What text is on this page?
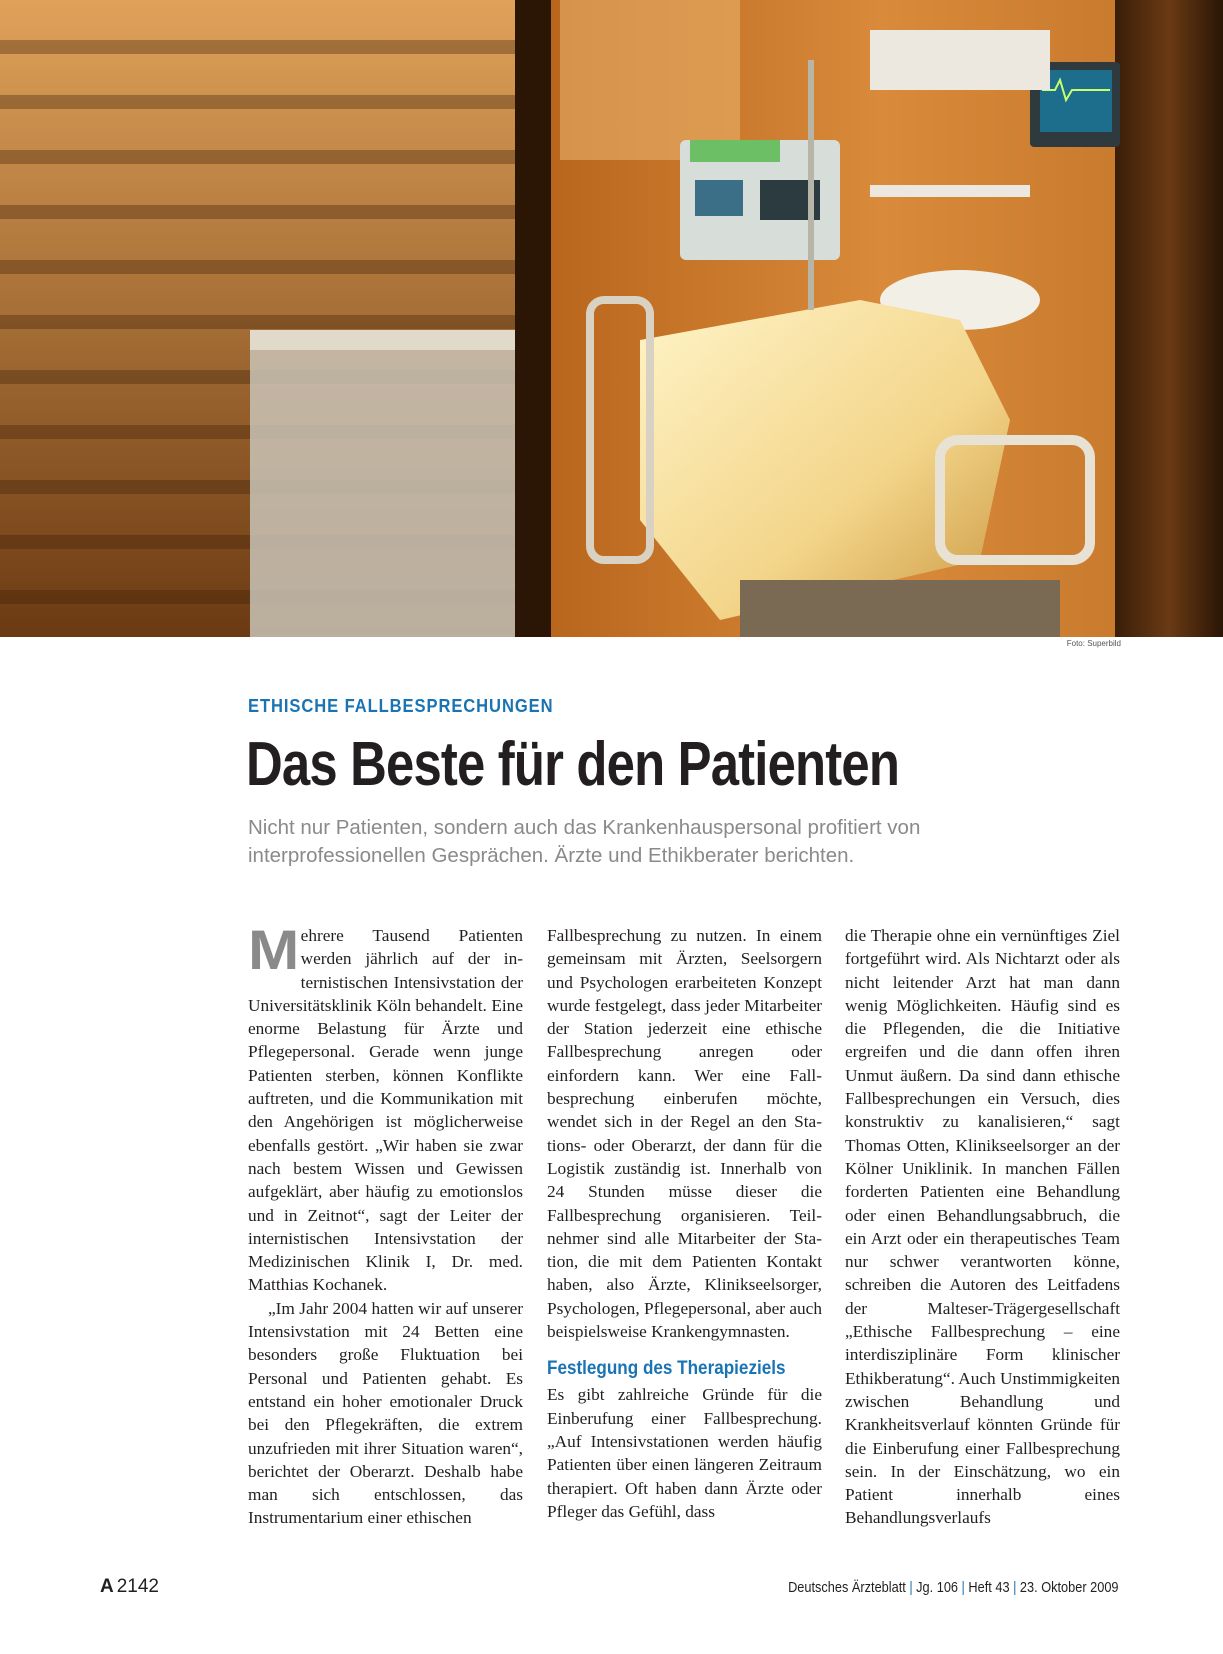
Foto: Superbild
ETHISCHE FALLBESPRECHUNGEN
Das Beste für den Patienten
Nicht nur Patienten, sondern auch das Krankenhauspersonal profitiert von interprofessionellen Gesprächen. Ärzte und Ethikberater berichten.

Mehrere Tausend Patienten werden jährlich auf der internistischen Intensivstation der Universitätsklinik Köln behandelt. Eine enorme Belastung für Ärzte und Pflegepersonal. Gerade wenn junge Patienten sterben, können Konflikte auftreten, und die Kommunikation mit den Angehörigen ist möglicherweise ebenfalls gestört. „Wir haben sie zwar nach bestem Wissen und Gewissen aufgeklärt, aber häufig zu emotionslos und in Zeitnot“, sagt der Leiter der internistischen Intensivstation der Medizinischen Klinik I, Dr. med. Matthias Kochanek.

„Im Jahr 2004 hatten wir auf unserer Intensivstation mit 24 Betten eine besonders große Fluktuation bei Personal und Patienten gehabt. Es entstand ein hoher emotionaler Druck bei den Pflegekräften, die extrem unzufrieden mit ihrer Situation waren“, berichtet der Oberarzt. Deshalb habe man sich entschlossen, das Instrumentarium einer ethischen

Fallbesprechung zu nutzen. In einem gemeinsam mit Ärzten, Seelsorgern und Psychologen erarbeiteten Konzept wurde festgelegt, dass jeder Mitarbeiter der Station jederzeit eine ethische Fallbesprechung anregen oder einfordern kann. Wer eine Fallbesprechung einberufen möchte, wendet sich in der Regel an den Stations- oder Oberarzt, der dann für die Logistik zuständig ist. Innerhalb von 24 Stunden müsse dieser die Fallbesprechung organisieren. Teilnehmer sind alle Mitarbeiter der Station, die mit dem Patienten Kontakt haben, also Ärzte, Klinikseelsorger, Psychologen, Pflegepersonal, aber auch beispielsweise Krankengymnasten.

Festlegung des Therapieziels

Es gibt zahlreiche Gründe für die Einberufung einer Fallbesprechung. „Auf Intensivstationen werden häufig Patienten über einen längeren Zeitraum therapiert. Oft haben dann Ärzte oder Pfleger das Gefühl, dass

die Therapie ohne ein vernünftiges Ziel fortgeführt wird. Als Nichtarzt oder als nicht leitender Arzt hat man dann wenig Möglichkeiten. Häufig sind es die Pflegenden, die die Initiative ergreifen und die dann offen ihren Unmut äußern. Da sind dann ethische Fallbesprechungen ein Versuch, dies konstruktiv zu kanalisieren,“ sagt Thomas Otten, Klinikseelsorger an der Kölner Uniklinik. In manchen Fällen forderten Patienten eine Behandlung oder einen Behandlungsabbruch, die ein Arzt oder ein therapeutisches Team nur schwer verantworten könne, schreiben die Autoren des Leitfadens der Malteser-Trägergesellschaft „Ethische Fallbesprechung – eine interdisziplinäre Form klinischer Ethikberatung“. Auch Unstimmigkeiten zwischen Behandlung und Krankheitsverlauf könnten Gründe für die Einberufung einer Fallbesprechung sein. In der Einschätzung, wo ein Patient innerhalb eines Behandlungsverlaufs

A 2142	Deutsches Ärzteblatt | Jg. 106 | Heft 43 | 23. Oktober 2009
